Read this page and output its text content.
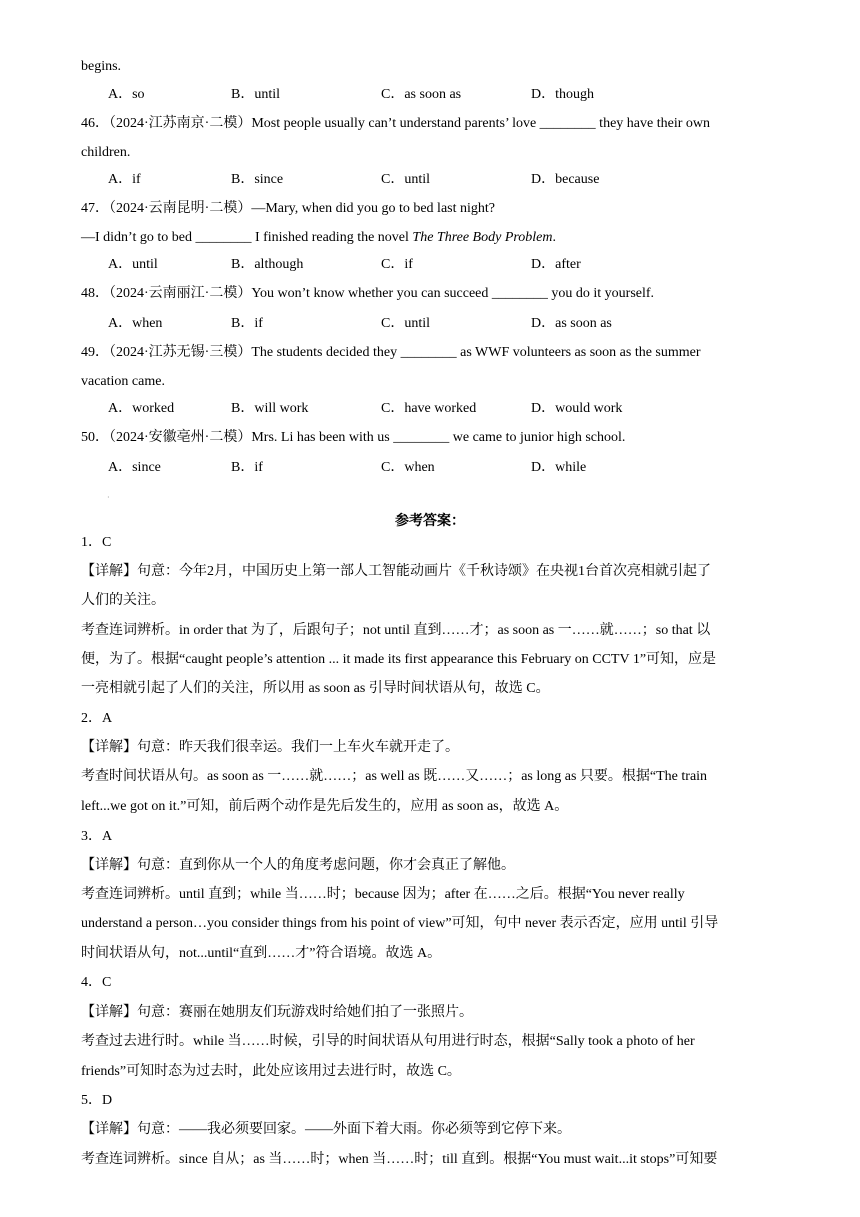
begins.
A．so	B．until	C．as soon as	D．though
46．（2024·江苏南京·二模）Most people usually can’t understand parents’ love ________ they have their own
children.
A．if	B．since	C．until	D．because
47．（2024·云南昆明·二模）—Mary, when did you go to bed last night?
—I didn’t go to bed ________ I finished reading the novel The Three Body Problem.
A．until	B．although	C．if	D．after
48．（2024·云南丽江·二模）You won’t know whether you can succeed ________ you do it yourself.
A．when	B．if	C．until	D．as soon as
49．（2024·江苏无锡·三模）The students decided they ________ as WWF volunteers as soon as the summer
vacation came.
A．worked	B．will work	C．have worked	D．would work
50．（2024·安徽亳州·二模）Mrs. Li has been with us ________ we came to junior high school.
A．since	B．if	C．when	D．while
·
参考答案：
1．C
【详解】句意：今年2月，中国历史上第一部人工智能动画片《千秋诗颂》在央视1台首次亮相就引起了
人们的关注。
考查连词辨析。in order that 为了，后跟句子；not until 直到……才；as soon as 一……就……；so that 以
便，为了。根据“caught people’s attention ... it made its first appearance this February on CCTV 1”可知，应是
一亮相就引起了人们的关注，所以用 as soon as 引导时间状语从句，故选 C。
2．A
【详解】句意：昨天我们很幸运。我们一上车火车就开走了。
考查时间状语从句。as soon as 一……就……；as well as 既……又……；as long as 只要。根据“The train
left...we got on it.”可知，前后两个动作是先后发生的，应用 as soon as，故选 A。
3．A
【详解】句意：直到你从一个人的角度考虑问题，你才会真正了解他。
考查连词辨析。until 直到；while 当……时；because 因为；after 在……之后。根据“You never really
understand a person…you consider things from his point of view”可知，句中 never 表示否定，应用 until 引导
时间状语从句，not...until“直到……才”符合语境。故选 A。
4．C
【详解】句意：赛丽在她朋友们玩游戏时给她们拍了一张照片。
考查过去进行时。while 当……时候，引导的时间状语从句用进行时态，根据“Sally took a photo of her
friends”可知时态为过去时，此处应该用过去进行时，故选 C。
5．D
【详解】句意：——我必须要回家。——外面下着大雨。你必须等到它停下来。
考查连词辨析。since 自从；as 当……时；when 当……时；till 直到。根据“You must wait...it stops”可知要
